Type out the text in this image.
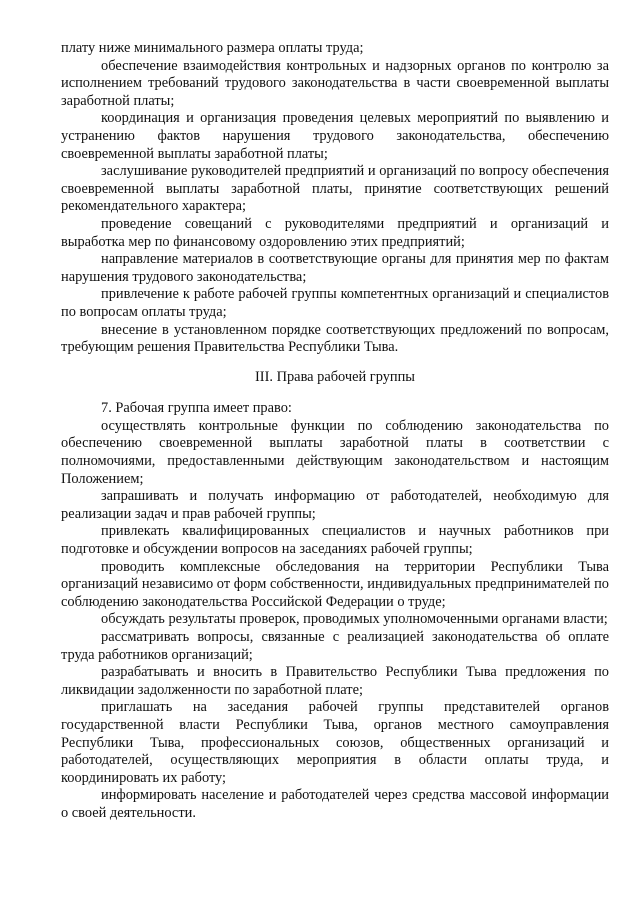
плату ниже минимального размера оплаты труда;

обеспечение взаимодействия контрольных и надзорных органов по контролю за исполнением требований трудового законодательства в части своевременной выплаты заработной платы;

координация и организация проведения целевых мероприятий по выявлению и устранению фактов нарушения трудового законодательства, обеспечению своевременной выплаты заработной платы;

заслушивание руководителей предприятий и организаций по вопросу обеспечения своевременной выплаты заработной платы, принятие соответствующих решений рекомендательного характера;

проведение совещаний с руководителями предприятий и организаций и выработка мер по финансовому оздоровлению этих предприятий;

направление материалов в соответствующие органы для принятия мер по фактам нарушения трудового законодательства;

привлечение к работе рабочей группы компетентных организаций и специалистов по вопросам оплаты труда;

внесение в установленном порядке соответствующих предложений по вопросам, требующим решения Правительства Республики Тыва.

III. Права рабочей группы

7. Рабочая группа имеет право:

осуществлять контрольные функции по соблюдению законодательства по обеспечению своевременной выплаты заработной платы в соответствии с полномочиями, предоставленными действующим законодательством и настоящим Положением;

запрашивать и получать информацию от работодателей, необходимую для реализации задач и прав рабочей группы;

привлекать квалифицированных специалистов и научных работников при подготовке и обсуждении вопросов на заседаниях рабочей группы;

проводить комплексные обследования на территории Республики Тыва организаций независимо от форм собственности, индивидуальных предпринимателей по соблюдению законодательства Российской Федерации о труде;

обсуждать результаты проверок, проводимых уполномоченными органами власти;

рассматривать вопросы, связанные с реализацией законодательства об оплате труда работников организаций;

разрабатывать и вносить в Правительство Республики Тыва предложения по ликвидации задолженности по заработной плате;

приглашать на заседания рабочей группы представителей органов государственной власти Республики Тыва, органов местного самоуправления Республики Тыва, профессиональных союзов, общественных организаций и работодателей, осуществляющих мероприятия в области оплаты труда, и координировать их работу;

информировать население и работодателей через средства массовой информации о своей деятельности.
